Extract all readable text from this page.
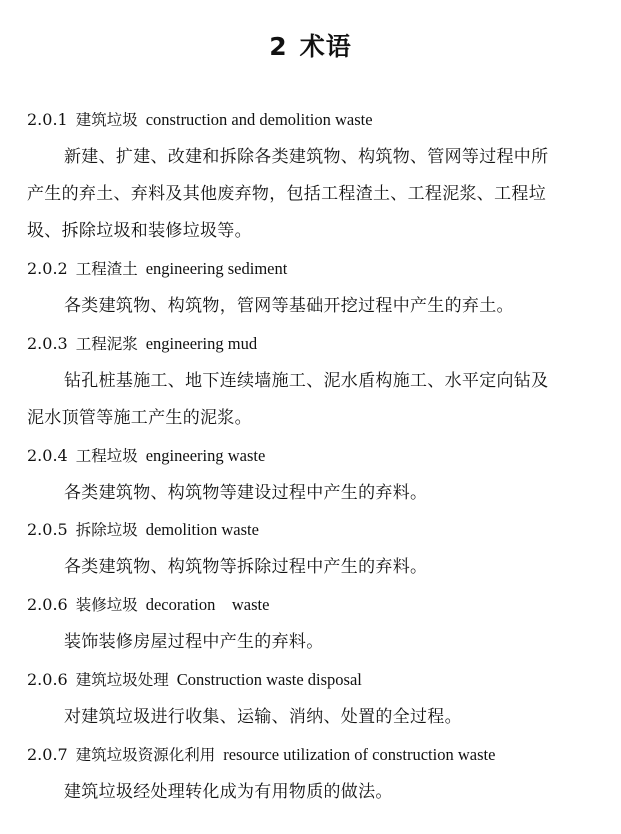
2 术语
2.0.1 建筑垃圾 construction and demolition waste
新建、扩建、改建和拆除各类建筑物、构筑物、管网等过程中所
产生的弃土、弃料及其他废弃物，包括工程渣土、工程泥浆、工程垃
圾、拆除垃圾和装修垃圾等。
2.0.2 工程渣土 engineering sediment
各类建筑物、构筑物，管网等基础开挖过程中产生的弃土。
2.0.3 工程泥浆 engineering mud
钻孔桩基施工、地下连续墙施工、泥水盾构施工、水平定向钻及
泥水顶管等施工产生的泥浆。
2.0.4 工程垃圾 engineering waste
各类建筑物、构筑物等建设过程中产生的弃料。
2.0.5 拆除垃圾 demolition waste
各类建筑物、构筑物等拆除过程中产生的弃料。
2.0.6 装修垃圾 decoration    waste
装饰装修房屋过程中产生的弃料。
2.0.6 建筑垃圾处理 Construction waste disposal
对建筑垃圾进行收集、运输、消纳、处置的全过程。
2.0.7 建筑垃圾资源化利用 resource utilization of construction waste
建筑垃圾经处理转化成为有用物质的做法。
